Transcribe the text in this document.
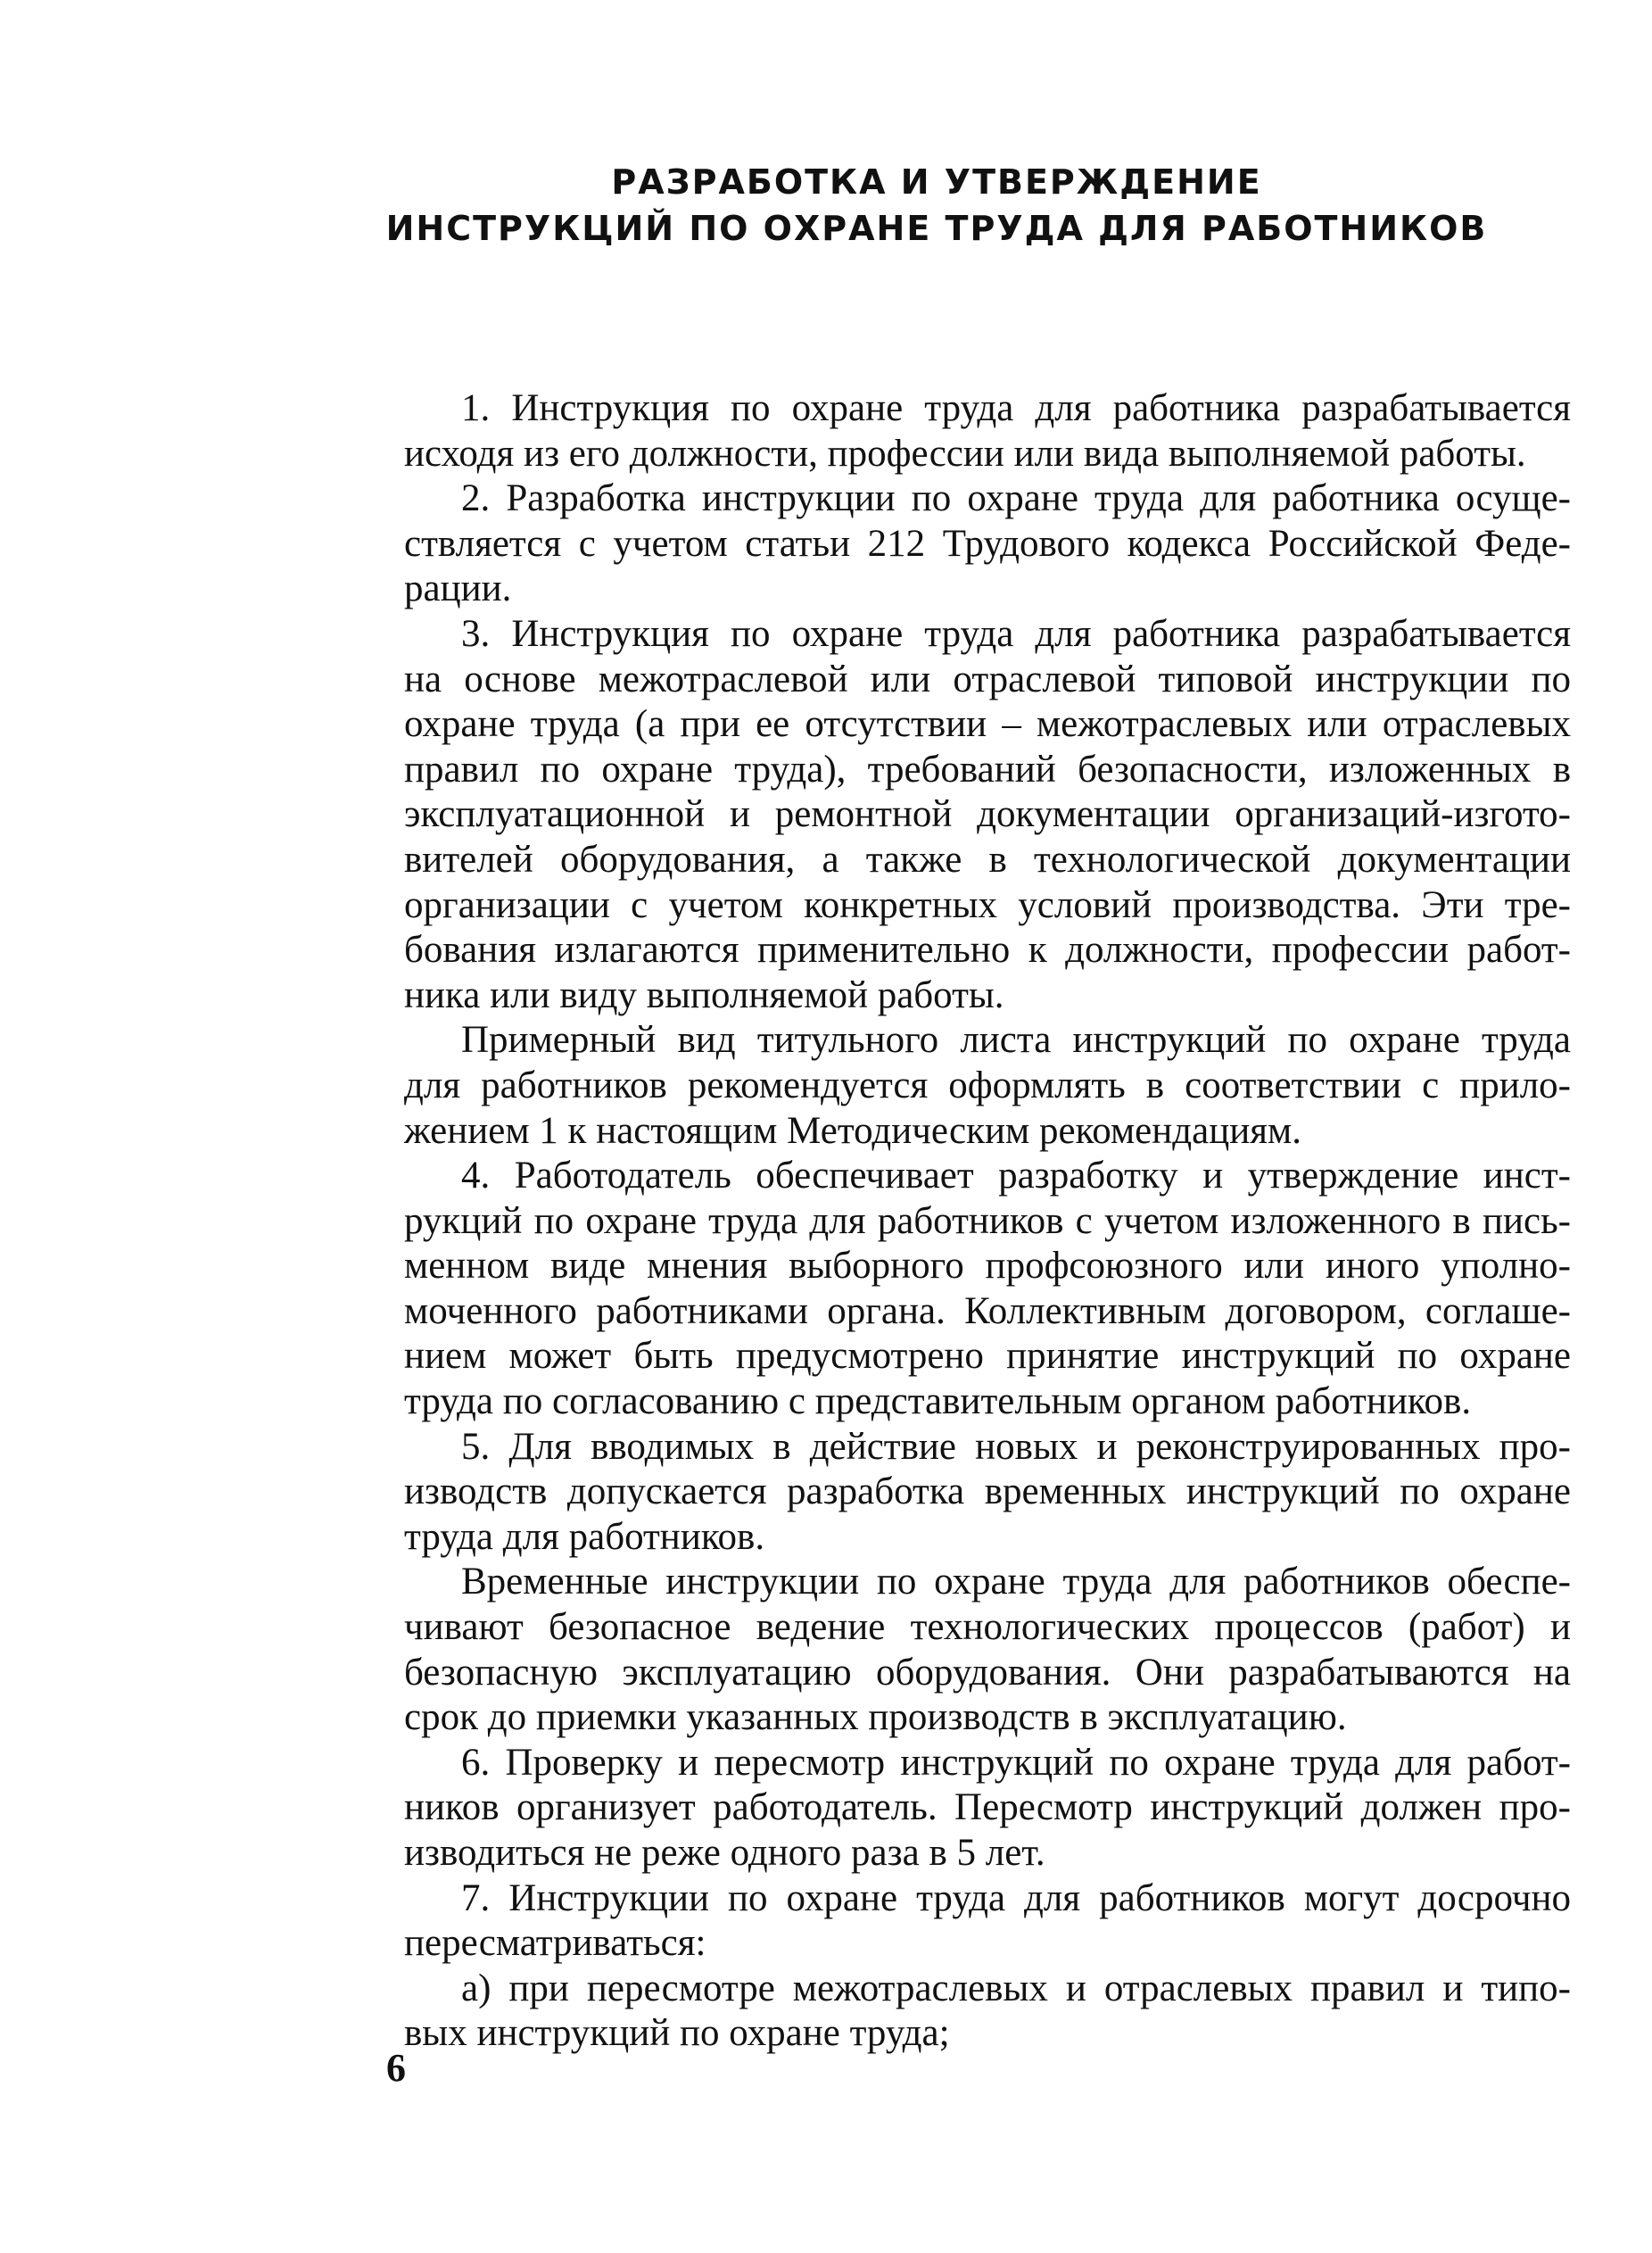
РАЗРАБОТКА И УТВЕРЖДЕНИЕ
ИНСТРУКЦИЙ ПО ОХРАНЕ ТРУДА ДЛЯ РАБОТНИКОВ

1. Инструкция по охране труда для работника разрабатывается
исходя из его должности, профессии или вида выполняемой работы.

2. Разработка инструкции по охране труда для работника осуще-
ствляется с учетом статьи 212 Трудового кодекса Российской Феде-
рации.

3. Инструкция по охране труда для работника разрабатывается
на основе межотраслевой или отраслевой типовой инструкции по
охране труда (а при ее отсутствии – межотраслевых или отраслевых
правил по охране труда), требований безопасности, изложенных в
эксплуатационной и ремонтной документации организаций-изгото-
вителей оборудования, а также в технологической документации
организации с учетом конкретных условий производства. Эти тре-
бования излагаются применительно к должности, профессии работ-
ника или виду выполняемой работы.

Примерный вид титульного листа инструкций по охране труда
для работников рекомендуется оформлять в соответствии с прило-
жением 1 к настоящим Методическим рекомендациям.

4. Работодатель обеспечивает разработку и утверждение инст-
рукций по охране труда для работников с учетом изложенного в пись-
менном виде мнения выборного профсоюзного или иного уполно-
моченного работниками органа. Коллективным договором, соглаше-
нием может быть предусмотрено принятие инструкций по охране
труда по согласованию с представительным органом работников.

5. Для вводимых в действие новых и реконструированных про-
изводств допускается разработка временных инструкций по охране
труда для работников.

Временные инструкции по охране труда для работников обеспе-
чивают безопасное ведение технологических процессов (работ) и
безопасную эксплуатацию оборудования. Они разрабатываются на
срок до приемки указанных производств в эксплуатацию.

6. Проверку и пересмотр инструкций по охране труда для работ-
ников организует работодатель. Пересмотр инструкций должен про-
изводиться не реже одного раза в 5 лет.

7. Инструкции по охране труда для работников могут досрочно
пересматриваться:

а) при пересмотре межотраслевых и отраслевых правил и типо-
вых инструкций по охране труда;

6
